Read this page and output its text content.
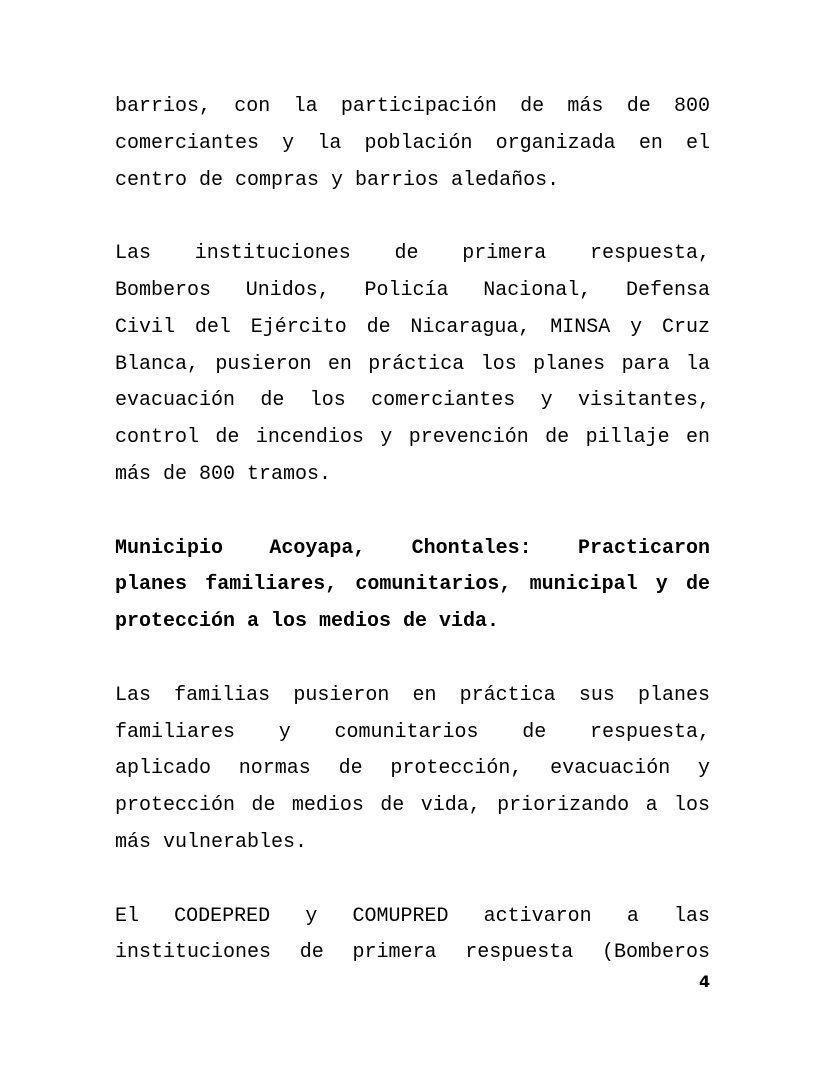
barrios, con la participación de más de 800
comerciantes y la población organizada en el
centro de compras y barrios aledaños.

Las instituciones de primera respuesta,
Bomberos Unidos, Policía Nacional, Defensa
Civil del Ejército de Nicaragua, MINSA y Cruz
Blanca, pusieron en práctica los planes para la
evacuación de los comerciantes y visitantes,
control de incendios y prevención de pillaje en
más de 800 tramos.

Municipio Acoyapa, Chontales: Practicaron
planes familiares, comunitarios, municipal y de
protección a los medios de vida.

Las familias pusieron en práctica sus planes
familiares y comunitarios de respuesta,
aplicado normas de protección, evacuación y
protección de medios de vida, priorizando a los
más vulnerables.

El CODEPRED y COMUPRED activaron a las
instituciones de primera respuesta (Bomberos

4
